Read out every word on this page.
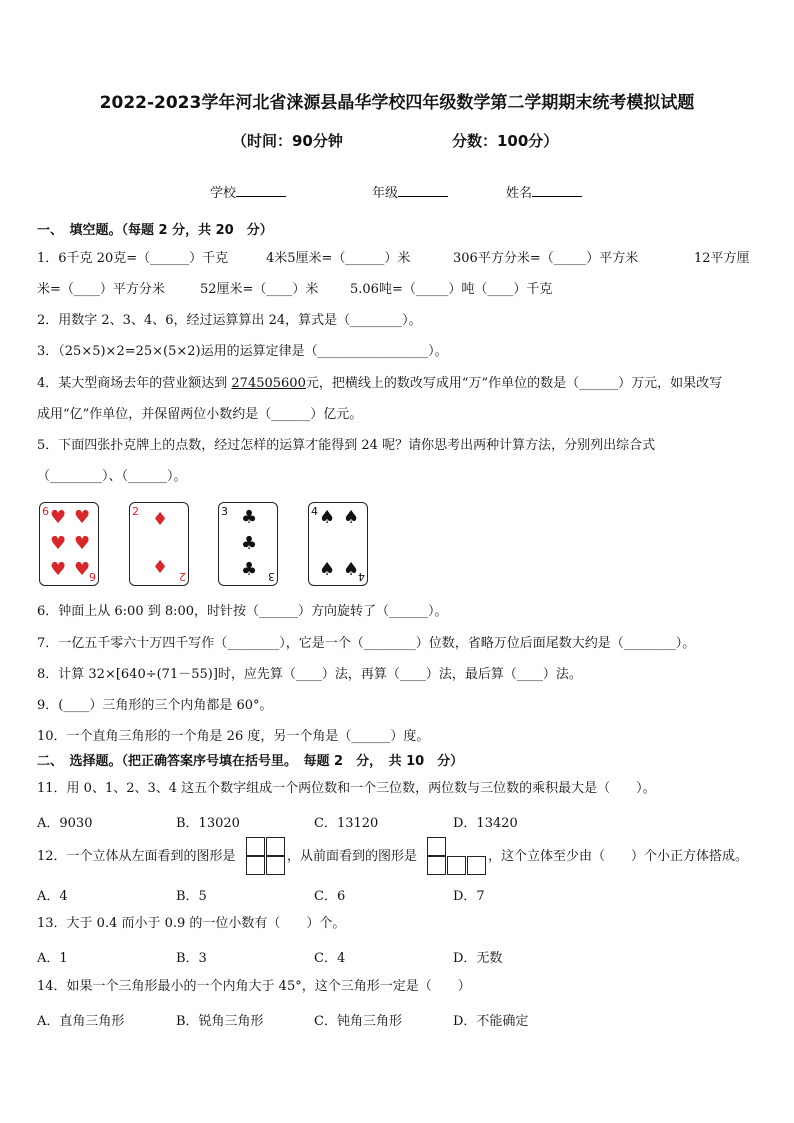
2022-2023学年河北省涞源县晶华学校四年级数学第二学期期末统考模拟试题
（时间：90分钟	分数：100分）
学校	年级	姓名
一、　填空题。（每题 2 分，共 20　分）
1．6千克 20克=（______）千克	4米5厘米=（______）米	306平方分米=（_____）平方米	12平方厘
米=（____）平方分米	52厘米=（____）米 5.06吨=（_____）吨（____）千克
2．用数字 2、3、4、6，经过运算算出 24，算式是（________）。
3．（25×5)×2=25×(5×2)运用的运算定律是（_________________）。
4．某大型商场去年的营业额达到 274505600元，把横线上的数改写成用“万”作单位的数是（______）万元，如果改写
成用“亿”作单位，并保留两位小数约是（______）亿元。
5．下面四张扑克牌上的点数，经过怎样的运算才能得到 24 呢？请你思考出两种计算方法，分别列出综合式
（________）、（______）。
6 ♥ ♥
♥ ♥
♥ ♥
6
2 ♦
♦ 2
3 ♣
♣
♣ 3
4 ♠ ♠
♠ ♠
4
6．钟面上从 6:00 到 8:00，时针按（______）方向旋转了（______）。
7．一亿五千零六十万四千写作（________），它是一个（________）位数，省略万位后面尾数大约是（________）。
8．计算 32×[640÷(71－55)]时，应先算（____）法，再算（____）法，最后算（____）法。
9．(____）三角形的三个内角都是 60°。
10．一个直角三角形的一个角是 26 度，另一个角是（______）度。
二、　选择题。（把正确答案序号填在括号里。　每题 2　分，　共 10　分）
11．用 0、1、2、3、4 这五个数字组成一个两位数和一个三位数，两位数与三位数的乘积最大是（　　）。
A．9030	B．13020	C．13120	D．13420
12．一个立体从左面看到的图形是	，从前面看到的图形是	，这个立体至少由（　　）个小正方体搭成。
A．4	B．5	C．6	D．7
13．大于 0.4 而小于 0.9 的一位小数有（　　）个。
A．1	B．3	C．4	D．无数
14．如果一个三角形最小的一个内角大于 45°，这个三角形一定是（　　）
A．直角三角形	B．锐角三角形	C．钝角三角形	D．不能确定
